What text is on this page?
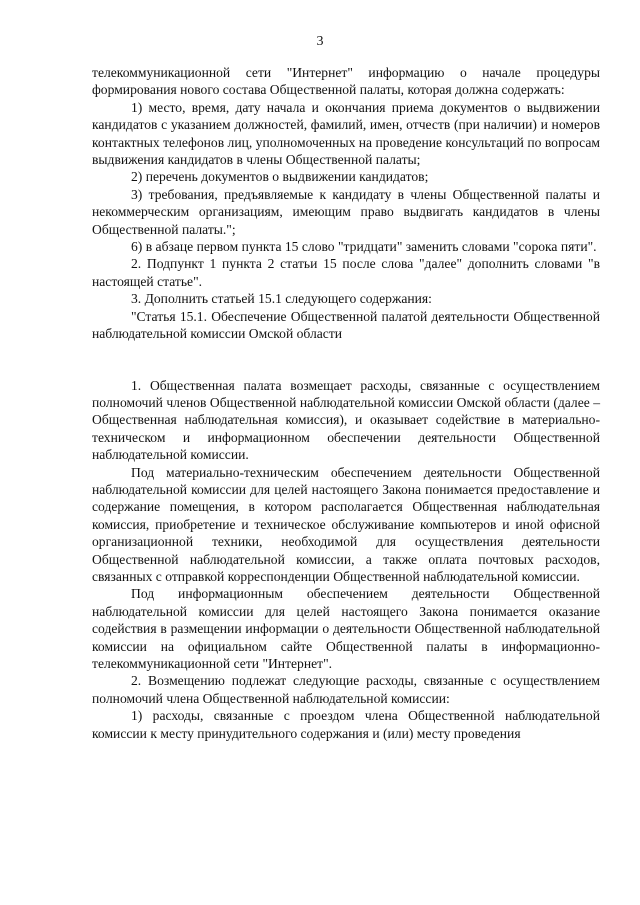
3

телекоммуникационной сети "Интернет" информацию о начале процедуры формирования нового состава Общественной палаты, которая должна содержать:

1) место, время, дату начала и окончания приема документов о выдвижении кандидатов с указанием должностей, фамилий, имен, отчеств (при наличии) и номеров контактных телефонов лиц, уполномоченных на проведение консультаций по вопросам выдвижения кандидатов в члены Общественной палаты;

2) перечень документов о выдвижении кандидатов;

3) требования, предъявляемые к кандидату в члены Общественной палаты и некоммерческим организациям, имеющим право выдвигать кандидатов в члены Общественной палаты.";

6) в абзаце первом пункта 15 слово "тридцати" заменить словами "сорока пяти".

2. Подпункт 1 пункта 2 статьи 15 после слова "далее" дополнить словами "в настоящей статье".

3. Дополнить статьей 15.1 следующего содержания:

"Статья 15.1. Обеспечение Общественной палатой деятельности Общественной наблюдательной комиссии Омской области

1. Общественная палата возмещает расходы, связанные с осуществлением полномочий членов Общественной наблюдательной комиссии Омской области (далее – Общественная наблюдательная комиссия), и оказывает содействие в материально-техническом и информационном обеспечении деятельности Общественной наблюдательной комиссии.

Под материально-техническим обеспечением деятельности Общественной наблюдательной комиссии для целей настоящего Закона понимается предоставление и содержание помещения, в котором располагается Общественная наблюдательная комиссия, приобретение и техническое обслуживание компьютеров и иной офисной организационной техники, необходимой для осуществления деятельности Общественной наблюдательной комиссии, а также оплата почтовых расходов, связанных с отправкой корреспонденции Общественной наблюдательной комиссии.

Под информационным обеспечением деятельности Общественной наблюдательной комиссии для целей настоящего Закона понимается оказание содействия в размещении информации о деятельности Общественной наблюдательной комиссии на официальном сайте Общественной палаты в информационно-телекоммуникационной сети "Интернет".

2. Возмещению подлежат следующие расходы, связанные с осуществлением полномочий члена Общественной наблюдательной комиссии:

1) расходы, связанные с проездом члена Общественной наблюдательной комиссии к месту принудительного содержания и (или) месту проведения
